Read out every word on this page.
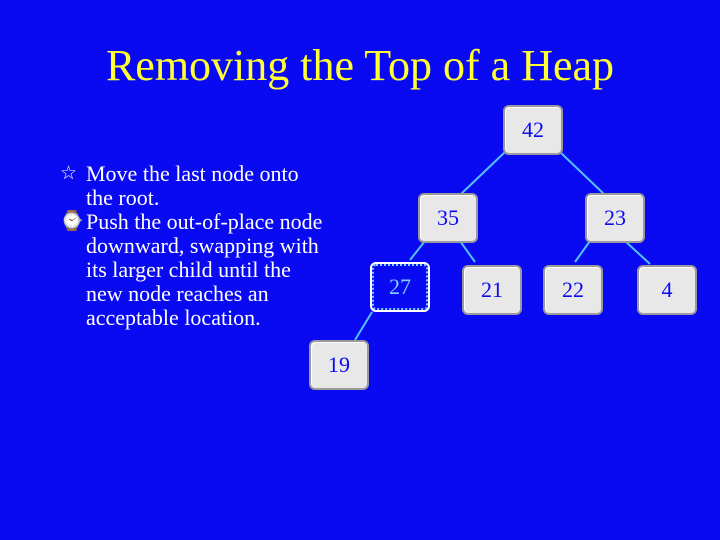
Removing the Top of a Heap

☆ Move the last node onto the root.

⌚ Push the out-of-place node downward, swapping with its larger child until the new node reaches an acceptable location.

42
35	23
27	21	22	4
19
